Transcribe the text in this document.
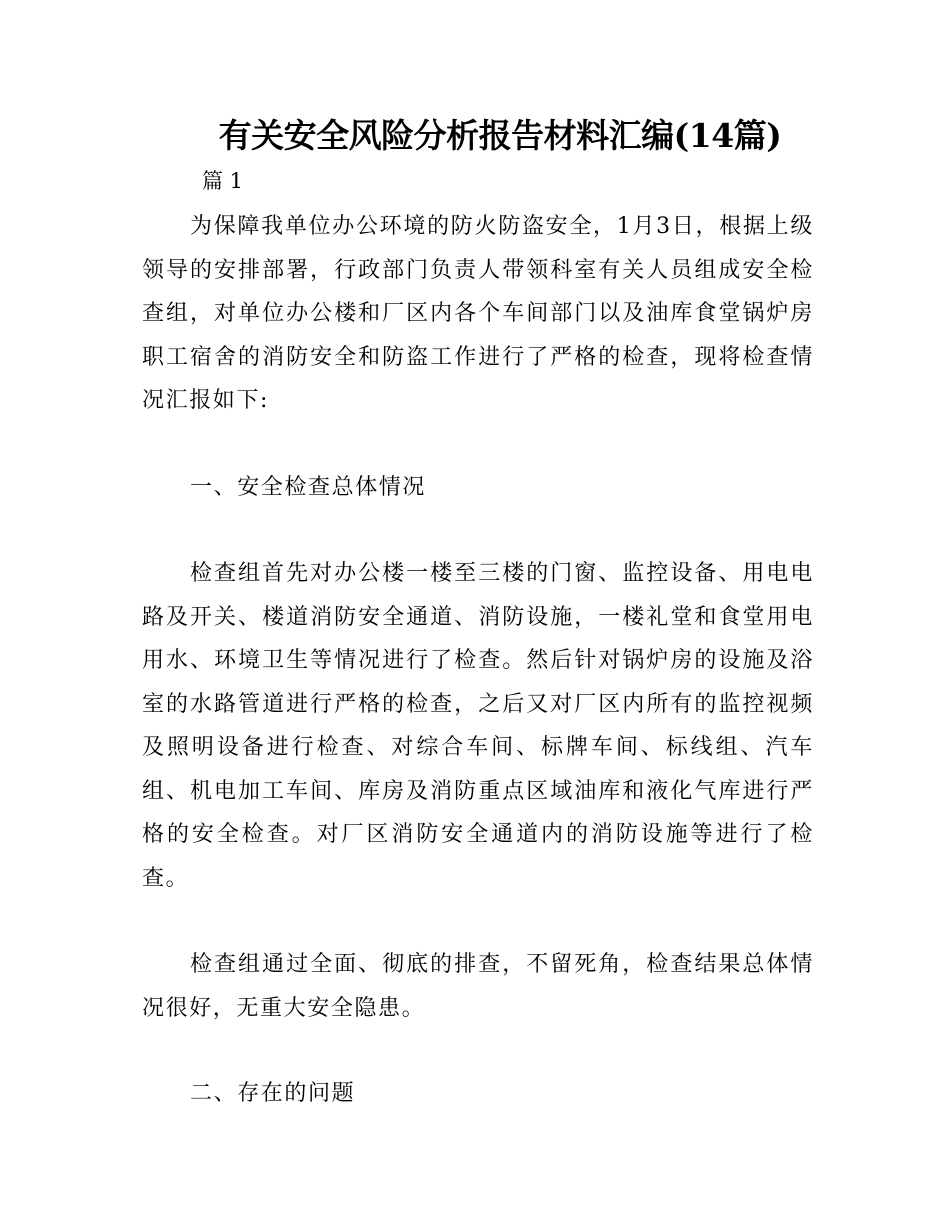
有关安全风险分析报告材料汇编(14篇)
篇 1

为保障我单位办公环境的防火防盗安全，1月3日，根据上级领导的安排部署，行政部门负责人带领科室有关人员组成安全检查组，对单位办公楼和厂区内各个车间部门以及油库食堂锅炉房职工宿舍的消防安全和防盗工作进行了严格的检查，现将检查情况汇报如下:

一、安全检查总体情况

检查组首先对办公楼一楼至三楼的门窗、监控设备、用电电路及开关、楼道消防安全通道、消防设施，一楼礼堂和食堂用电用水、环境卫生等情况进行了检查。然后针对锅炉房的设施及浴室的水路管道进行严格的检查，之后又对厂区内所有的监控视频及照明设备进行检查、对综合车间、标牌车间、标线组、汽车组、机电加工车间、库房及消防重点区域油库和液化气库进行严格的安全检查。对厂区消防安全通道内的消防设施等进行了检查。

检查组通过全面、彻底的排查，不留死角，检查结果总体情况很好，无重大安全隐患。

二、存在的问题
